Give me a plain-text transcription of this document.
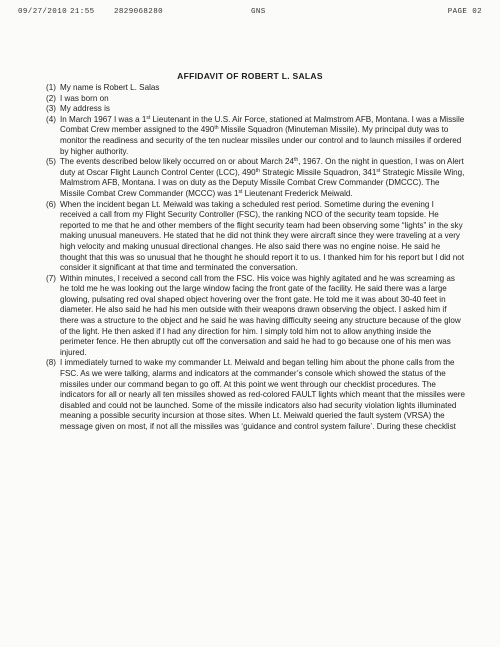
09/27/2010 21:55	2829068280	GNS	PAGE 02
AFFIDAVIT OF ROBERT L. SALAS
(1) My name is Robert L. Salas
(2) I was born on
(3) My address is
(4) In March 1967 I was a 1st Lieutenant in the U.S. Air Force, stationed at Malmstrom AFB, Montana. I was a Missile Combat Crew member assigned to the 490th Missile Squadron (Minuteman Missile). My principal duty was to monitor the readiness and security of the ten nuclear missiles under our control and to launch missiles if ordered by higher authority.
(5) The events described below likely occurred on or about March 24th, 1967. On the night in question, I was on Alert duty at Oscar Flight Launch Control Center (LCC), 490th Strategic Missile Squadron, 341st Strategic Missile Wing, Malmstrom AFB, Montana. I was on duty as the Deputy Missile Combat Crew Commander (DMCCC). The Missile Combat Crew Commander (MCCC) was 1st Lieutenant Frederick Meiwald.
(6) When the incident began Lt. Meiwald was taking a scheduled rest period. Sometime during the evening I received a call from my Flight Security Controller (FSC), the ranking NCO of the security team topside. He reported to me that he and other members of the flight security team had been observing some “lights” in the sky making unusual maneuvers. He stated that he did not think they were aircraft since they were traveling at a very high velocity and making unusual directional changes. He also said there was no engine noise. He said he thought that this was so unusual that he thought he should report it to us. I thanked him for his report but I did not consider it significant at that time and terminated the conversation.
(7) Within minutes, I received a second call from the FSC. His voice was highly agitated and he was screaming as he told me he was looking out the large window facing the front gate of the facility. He said there was a large glowing, pulsating red oval shaped object hovering over the front gate. He told me it was about 30-40 feet in diameter. He also said he had his men outside with their weapons drawn observing the object. I asked him if there was a structure to the object and he said he was having difficulty seeing any structure because of the glow of the light. He then asked if I had any direction for him. I simply told him not to allow anything inside the perimeter fence. He then abruptly cut off the conversation and said he had to go because one of his men was injured.
(8) I immediately turned to wake my commander Lt. Meiwald and began telling him about the phone calls from the FSC. As we were talking, alarms and indicators at the commander’s console which showed the status of the missiles under our command began to go off. At this point we went through our checklist procedures. The indicators for all or nearly all ten missiles showed as red-colored FAULT lights which meant that the missiles were disabled and could not be launched. Some of the missile indicators also had security violation lights illuminated meaning a possible security incursion at those sites. When Lt. Meiwald queried the fault system (VRSA) the message given on most, if not all the missiles was ‘guidance and control system failure’. During these checklist
